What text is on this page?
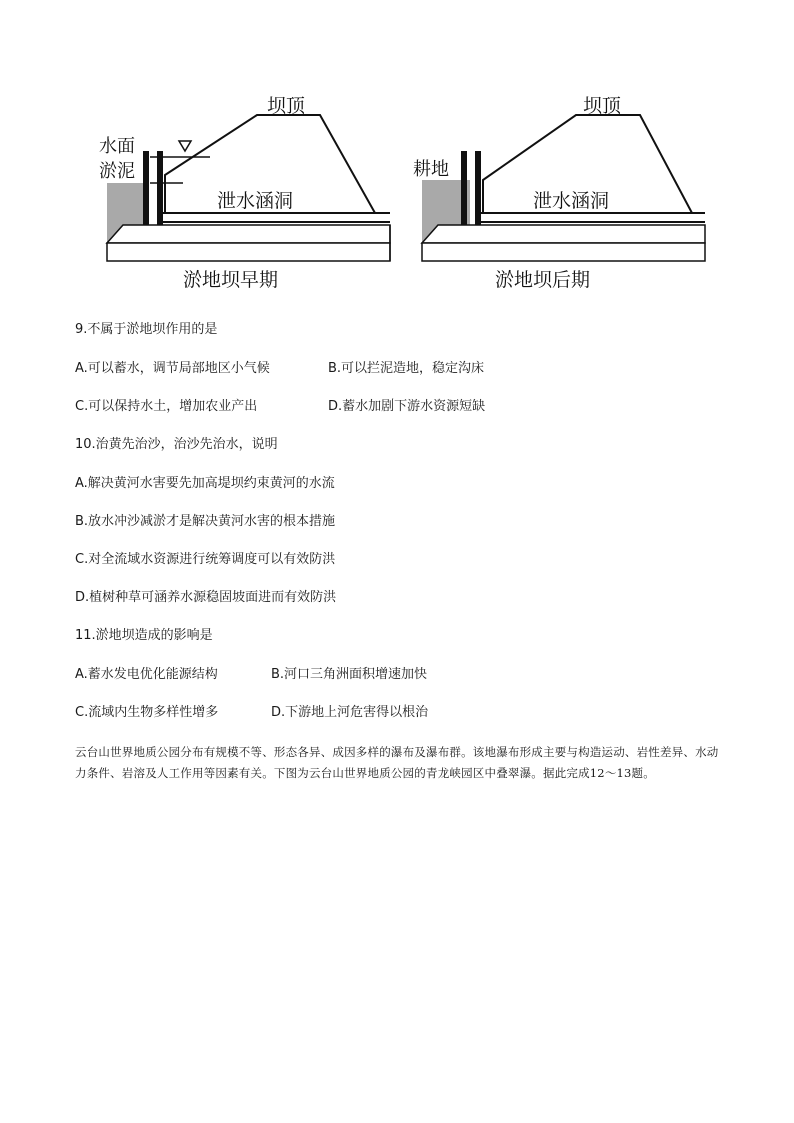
水面
淤泥
坝顶
泄水涵洞
淤地坝早期
耕地
坝顶
泄水涵洞
淤地坝后期
9.不属于淤地坝作用的是
A.可以蓄水，调节局部地区小气候	B.可以拦泥造地，稳定沟床
C.可以保持水土，增加农业产出	D.蓄水加剧下游水资源短缺
10.治黄先治沙，治沙先治水，说明
A.解决黄河水害要先加高堤坝约束黄河的水流
B.放水冲沙减淤才是解决黄河水害的根本措施
C.对全流域水资源进行统筹调度可以有效防洪
D.植树种草可涵养水源稳固坡面进而有效防洪
11.淤地坝造成的影响是
A.蓄水发电优化能源结构	B.河口三角洲面积增速加快
C.流域内生物多样性增多	D.下游地上河危害得以根治
云台山世界地质公园分布有规模不等、形态各异、成因多样的瀑布及瀑布群。该地瀑布形成主要与构造运动、岩性差异、水动力条件、岩溶及人工作用等因素有关。下图为云台山世界地质公园的青龙峡园区中叠翠瀑。据此完成12～13题。
